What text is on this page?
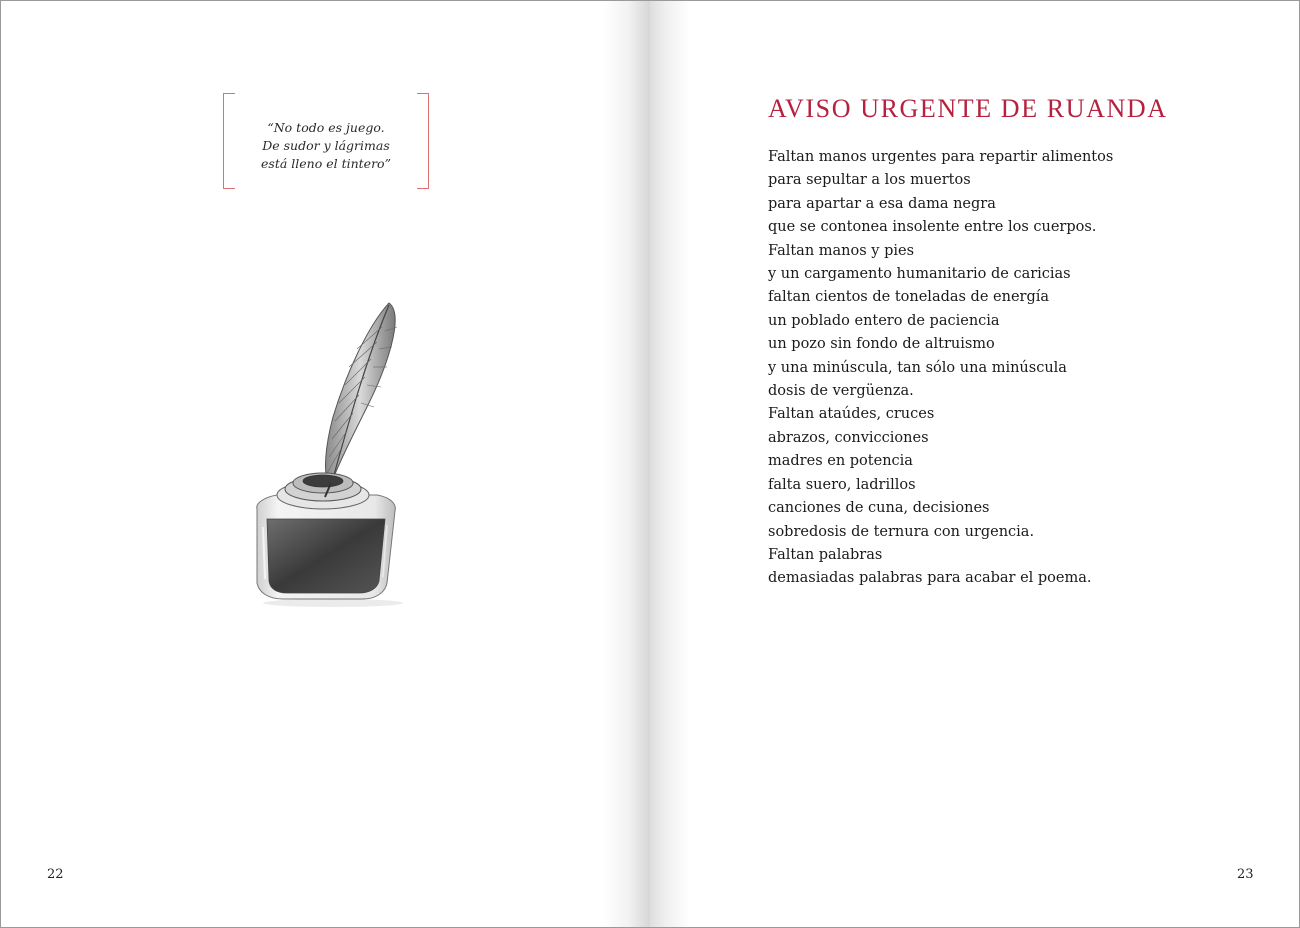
“No todo es juego.
De sudor y lágrimas
está lleno el tintero”
22
AVISO URGENTE DE RUANDA
Faltan manos urgentes para repartir alimentos
para sepultar a los muertos
para apartar a esa dama negra
que se contonea insolente entre los cuerpos.
Faltan manos y pies
y un cargamento humanitario de caricias
faltan cientos de toneladas de energía
un poblado entero de paciencia
un pozo sin fondo de altruismo
y una minúscula, tan sólo una minúscula
dosis de vergüenza.
Faltan ataúdes, cruces
abrazos, convicciones
madres en potencia
falta suero, ladrillos
canciones de cuna, decisiones
sobredosis de ternura con urgencia.
Faltan palabras
demasiadas palabras para acabar el poema.
23
